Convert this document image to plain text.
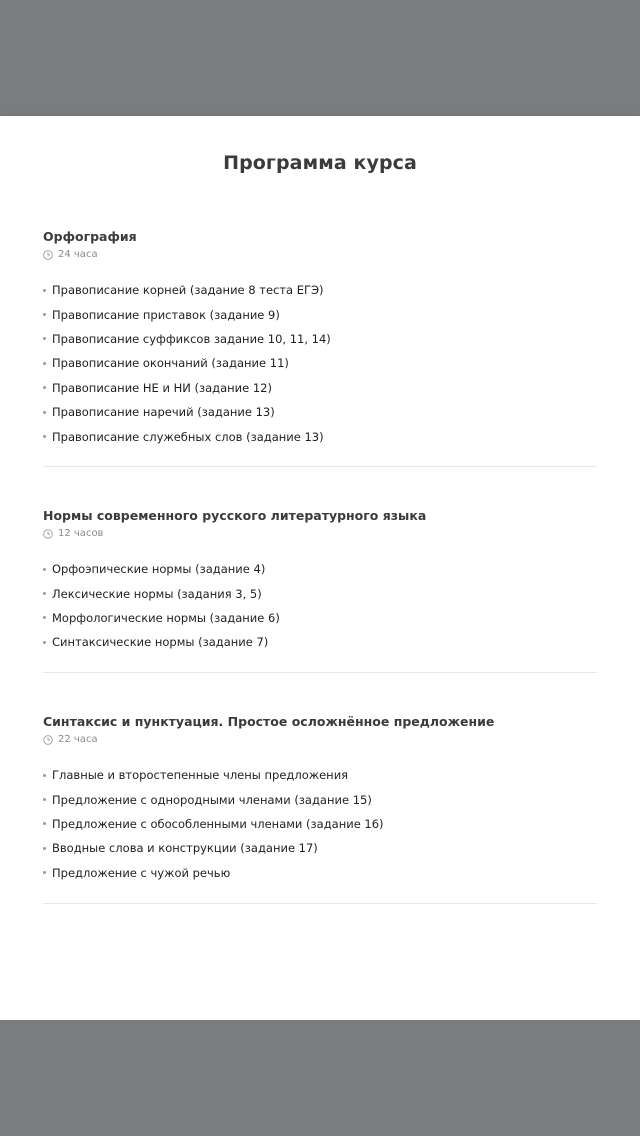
Программа курса
Орфография
24 часа
Правописание корней (задание 8 теста ЕГЭ)
Правописание приставок (задание 9)
Правописание суффиксов задание 10, 11, 14)
Правописание окончаний (задание 11)
Правописание НЕ и НИ (задание 12)
Правописание наречий (задание 13)
Правописание служебных слов (задание 13)
Нормы современного русского литературного языка
12 часов
Орфоэпические нормы (задание 4)
Лексические нормы (задания 3, 5)
Морфологические нормы (задание 6)
Синтаксические нормы (задание 7)
Синтаксис и пунктуация. Простое осложнённое предложение
22 часа
Главные и второстепенные члены предложения
Предложение с однородными членами (задание 15)
Предложение с обособленными членами (задание 16)
Вводные слова и конструкции (задание 17)
Предложение с чужой речью
